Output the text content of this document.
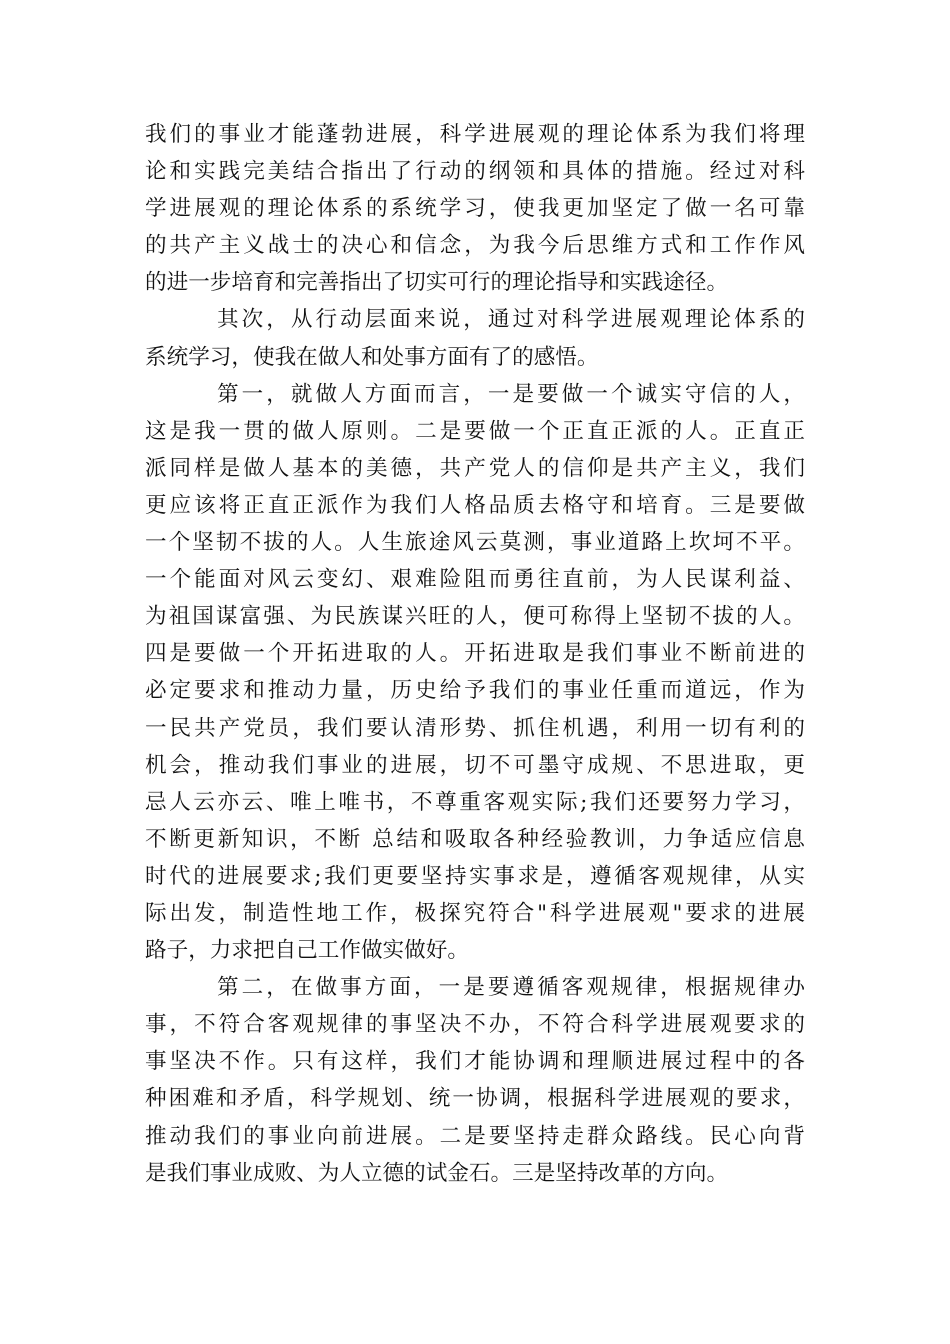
我们的事业才能蓬勃进展，科学进展观的理论体系为我们将理
论和实践完美结合指出了行动的纲领和具体的措施。经过对科
学进展观的理论体系的系统学习，使我更加坚定了做一名可靠
的共产主义战士的决心和信念，为我今后思维方式和工作作风
的进一步培育和完善指出了切实可行的理论指导和实践途径。
其次，从行动层面来说，通过对科学进展观理论体系的
系统学习，使我在做人和处事方面有了的感悟。
第一，就做人方面而言，一是要做一个诚实守信的人，
这是我一贯的做人原则。二是要做一个正直正派的人。正直正
派同样是做人基本的美德，共产党人的信仰是共产主义，我们
更应该将正直正派作为我们人格品质去格守和培育。三是要做
一个坚韧不拔的人。人生旅途风云莫测，事业道路上坎坷不平。
一个能面对风云变幻、艰难险阻而勇往直前，为人民谋利益、
为祖国谋富强、为民族谋兴旺的人，便可称得上坚韧不拔的人。
四是要做一个开拓进取的人。开拓进取是我们事业不断前进的
必定要求和推动力量，历史给予我们的事业任重而道远，作为
一民共产党员，我们要认清形势、抓住机遇，利用一切有利的
机会，推动我们事业的进展，切不可墨守成规、不思进取，更
忌人云亦云、唯上唯书，不尊重客观实际;我们还要努力学习，
不断更新知识，不断 总结和吸取各种经验教训，力争适应信息
时代的进展要求;我们更要坚持实事求是，遵循客观规律，从实
际出发，制造性地工作，极探究符合"科学进展观"要求的进展
路子，力求把自己工作做实做好。
第二，在做事方面，一是要遵循客观规律，根据规律办
事，不符合客观规律的事坚决不办，不符合科学进展观要求的
事坚决不作。只有这样，我们才能协调和理顺进展过程中的各
种困难和矛盾，科学规划、统一协调，根据科学进展观的要求，
推动我们的事业向前进展。二是要坚持走群众路线。民心向背
是我们事业成败、为人立德的试金石。三是坚持改革的方向。
